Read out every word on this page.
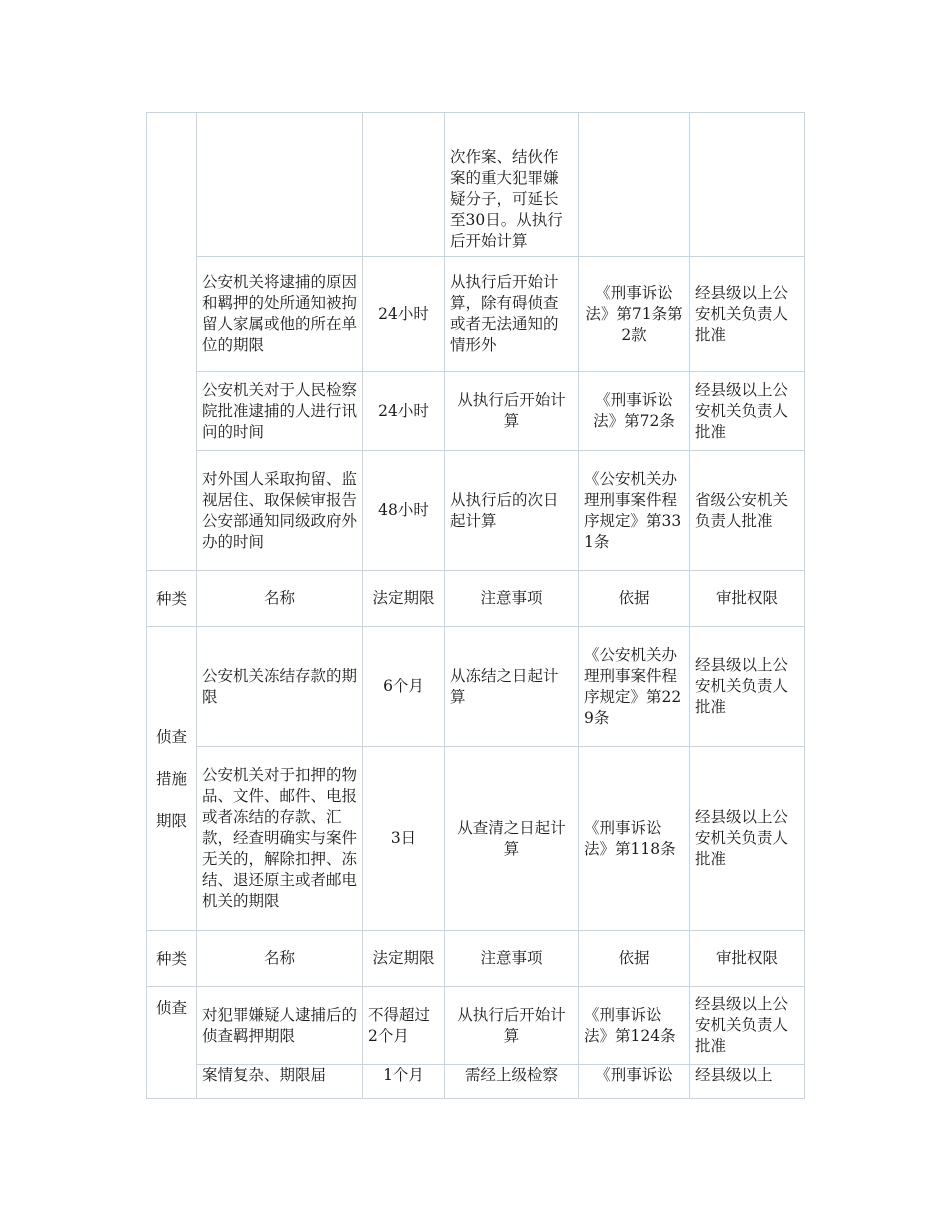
			次作案、结伙作案的重大犯罪嫌疑分子，可延长至30日。从执行后开始计算		
	公安机关将逮捕的原因和羁押的处所通知被拘留人家属或他的所在单位的期限	24小时	从执行后开始计算，除有碍侦查或者无法通知的情形外	《刑事诉讼法》第71条第2款	经县级以上公安机关负责人批准
	公安机关对于人民检察院批准逮捕的人进行讯问的时间	24小时	从执行后开始计算	《刑事诉讼法》第72条	经县级以上公安机关负责人批准
	对外国人采取拘留、监视居住、取保候审报告公安部通知同级政府外办的时间	48小时	从执行后的次日起计算	《公安机关办理刑事案件程序规定》第331条	省级公安机关负责人批准
种类	名称	法定期限	注意事项	依据	审批权限

侦查措施期限	公安机关冻结存款的期限	6个月	从冻结之日起计算	《公安机关办理刑事案件程序规定》第229条	经县级以上公安机关负责人批准
	公安机关对于扣押的物品、文件、邮件、电报或者冻结的存款、汇款，经查明确实与案件无关的，解除扣押、冻结、退还原主或者邮电机关的期限	3日	从查清之日起计算	《刑事诉讼法》第118条	经县级以上公安机关负责人批准
种类	名称	法定期限	注意事项	依据	审批权限

侦查	对犯罪嫌疑人逮捕后的侦查羁押期限	不得超过2个月	从执行后开始计算	《刑事诉讼法》第124条	经县级以上公安机关负责人批准
	案情复杂、期限届	1个月	需经上级检察	《刑事诉讼	经县级以上
